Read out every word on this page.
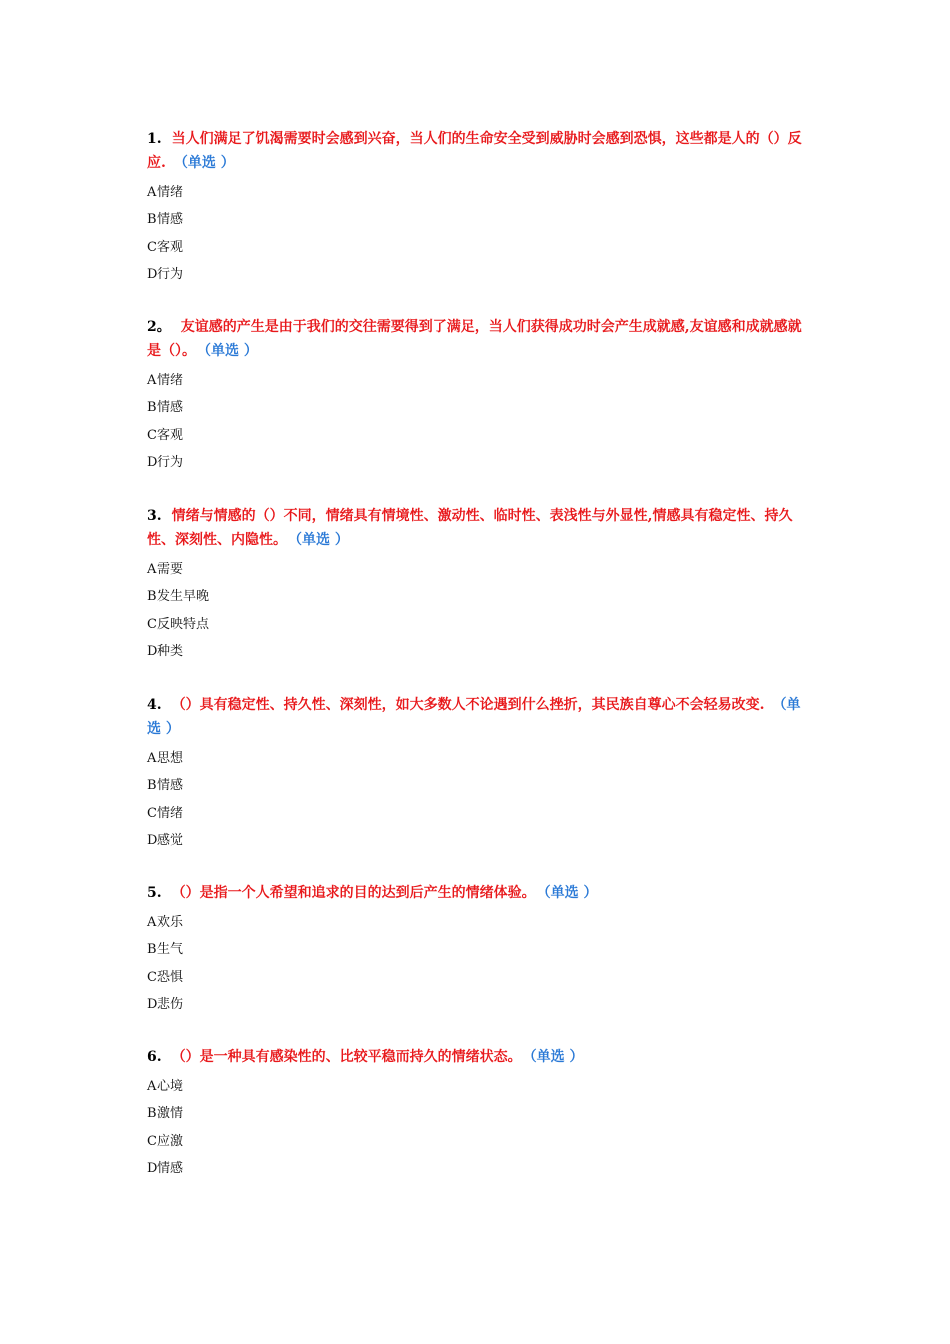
1. 当人们满足了饥渴需要时会感到兴奋，当人们的生命安全受到威胁时会感到恐惧，这些都是人的（）反应. （单选 ）

A情绪
B情感
C客观
D行为

2。 友谊感的产生是由于我们的交往需要得到了满足，当人们获得成功时会产生成就感,友谊感和成就感就是（）。 （单选 ）

A情绪
B情感
C客观
D行为

3. 情绪与情感的（）不同，情绪具有情境性、激动性、临时性、表浅性与外显性,情感具有稳定性、持久性、深刻性、内隐性。 （单选 ）

A需要
B发生早晚
C反映特点
D种类

4. （）具有稳定性、持久性、深刻性，如大多数人不论遇到什么挫折，其民族自尊心不会轻易改变. （单选 ）

A思想
B情感
C情绪
D感觉

5. （）是指一个人希望和追求的目的达到后产生的情绪体验。 （单选 ）

A欢乐
B生气
C恐惧
D悲伤

6. （）是一种具有感染性的、比较平稳而持久的情绪状态。 （单选 ）

A心境
B激情
C应激
D情感
